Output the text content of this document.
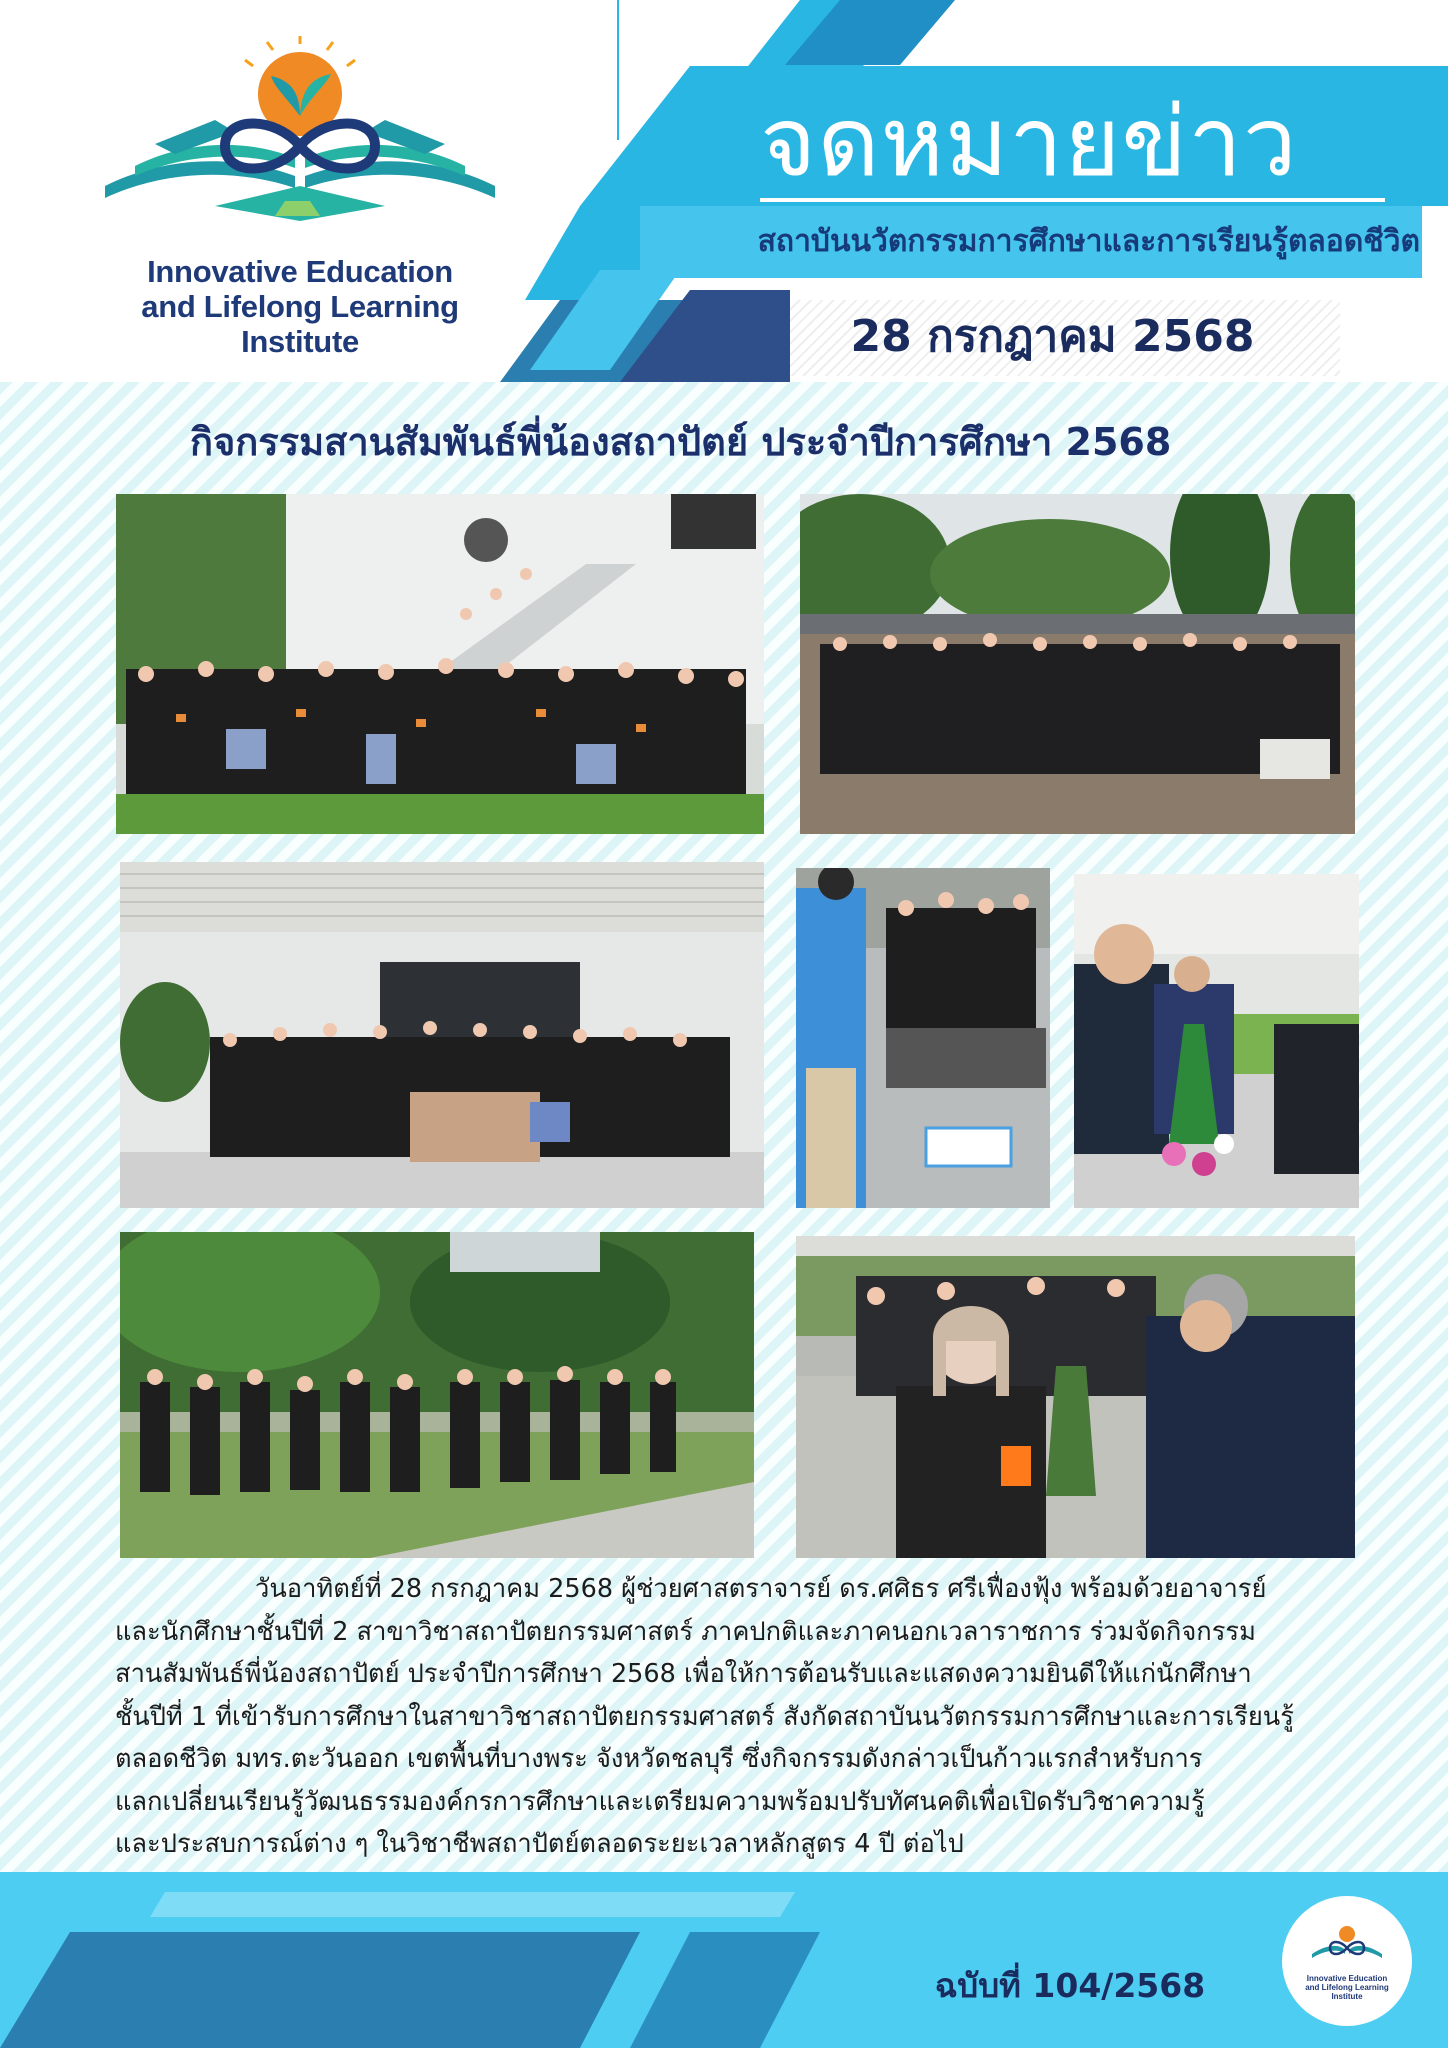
Innovative Education
and Lifelong Learning
Institute
จดหมายข่าว
สถาบันนวัตกรรมการศึกษาและการเรียนรู้ตลอดชีวิต
28 กรกฎาคม 2568
กิจกรรมสานสัมพันธ์พี่น้องสถาปัตย์ ประจำปีการศึกษา 2568

วันอาทิตย์ที่ 28 กรกฎาคม 2568 ผู้ช่วยศาสตราจารย์ ดร.ศศิธร ศรีเฟื่องฟุ้ง พร้อมด้วยอาจารย์

และนักศึกษาชั้นปีที่ 2 สาขาวิชาสถาปัตยกรรมศาสตร์ ภาคปกติและภาคนอกเวลาราชการ ร่วมจัดกิจกรรม

สานสัมพันธ์พี่น้องสถาปัตย์ ประจำปีการศึกษา 2568 เพื่อให้การต้อนรับและแสดงความยินดีให้แก่นักศึกษา

ชั้นปีที่ 1 ที่เข้ารับการศึกษาในสาขาวิชาสถาปัตยกรรมศาสตร์ สังกัดสถาบันนวัตกรรมการศึกษาและการเรียนรู้

ตลอดชีวิต มทร.ตะวันออก เขตพื้นที่บางพระ จังหวัดชลบุรี ซึ่งกิจกรรมดังกล่าวเป็นก้าวแรกสำหรับการ

แลกเปลี่ยนเรียนรู้วัฒนธรรมองค์กรการศึกษาและเตรียมความพร้อมปรับทัศนคติเพื่อเปิดรับวิชาความรู้

และประสบการณ์ต่าง ๆ ในวิชาชีพสถาปัตย์ตลอดระยะเวลาหลักสูตร 4 ปี ต่อไป

ฉบับที่ 104/2568	Innovative Education
and Lifelong Learning
Institute
